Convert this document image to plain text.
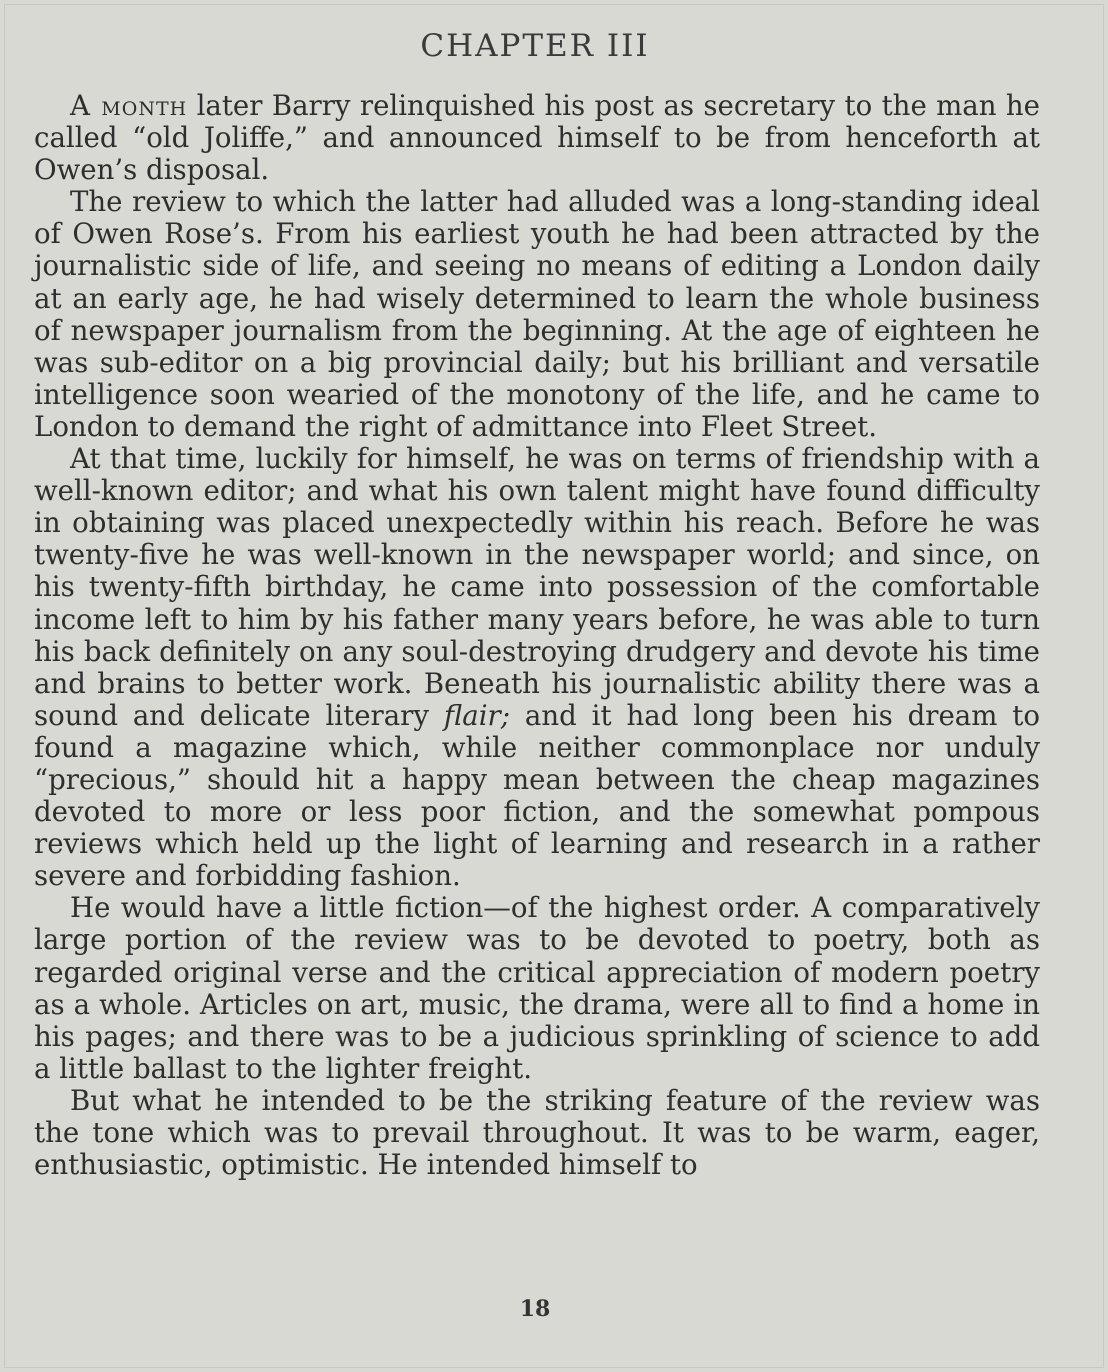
CHAPTER III

A month later Barry relinquished his post as secretary to the man he called “old Joliffe,” and announced himself to be from henceforth at Owen’s disposal.

The review to which the latter had alluded was a long-standing ideal of Owen Rose’s. From his earliest youth he had been attracted by the journalistic side of life, and seeing no means of editing a London daily at an early age, he had wisely determined to learn the whole business of newspaper journalism from the beginning. At the age of eighteen he was sub-editor on a big provincial daily; but his brilliant and versatile intelligence soon wearied of the monotony of the life, and he came to London to demand the right of admittance into Fleet Street.

At that time, luckily for himself, he was on terms of friendship with a well-known editor; and what his own talent might have found difficulty in obtaining was placed unexpectedly within his reach. Before he was twenty-five he was well-known in the newspaper world; and since, on his twenty-fifth birthday, he came into possession of the comfortable income left to him by his father many years before, he was able to turn his back definitely on any soul-destroying drudgery and devote his time and brains to better work. Beneath his journalistic ability there was a sound and delicate literary flair; and it had long been his dream to found a magazine which, while neither commonplace nor unduly “precious,” should hit a happy mean between the cheap magazines devoted to more or less poor fiction, and the somewhat pompous reviews which held up the light of learning and research in a rather severe and forbidding fashion.

He would have a little fiction—of the highest order. A comparatively large portion of the review was to be devoted to poetry, both as regarded original verse and the critical appreciation of modern poetry as a whole. Articles on art, music, the drama, were all to find a home in his pages; and there was to be a judicious sprinkling of science to add a little ballast to the lighter freight.

But what he intended to be the striking feature of the review was the tone which was to prevail throughout. It was to be warm, eager, enthusiastic, optimistic. He intended himself to

18
